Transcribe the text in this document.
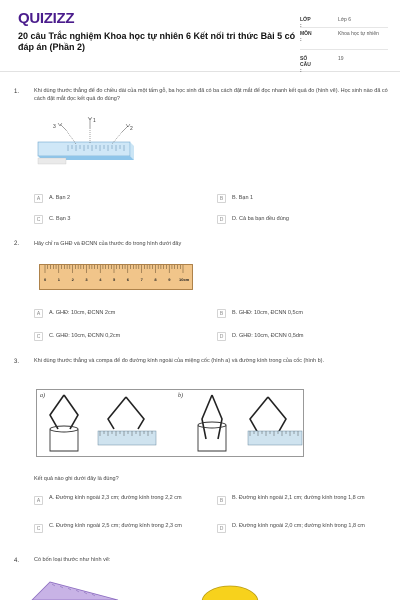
QUIZIZZ
20 câu Trắc nghiệm Khoa học tự nhiên 6 Kết nối tri thức Bài 5 có đáp án (Phần 2)
LỚP :
Lớp 6
MÔN :
Khoa học tự nhiên
SỐ CÂU :
19
1.	Khi dùng thước thẳng để đo chiều dài của một tấm gỗ, ba học sinh đã có ba cách đặt mắt để đọc nhanh kết quả đo (hình vẽ). Học sinh nào đã có cách đặt mắt đọc kết quả đo đúng?
3
1
2
A	A. Bạn 2	B	B. Bạn 1
C	C. Bạn 3	D	D. Cả ba bạn đều đúng
2.	Hãy chỉ ra GHĐ và ĐCNN của thước đo trong hình dưới đây
0	1	2	3	4	5	6	7	8	9 10cm
A	A. GHĐ: 10cm, ĐCNN 2cm	B	B. GHĐ: 10cm, ĐCNN 0,5cm
C	C. GHĐ: 10cm, ĐCNN 0,2cm	D	D. GHĐ: 10cm, ĐCNN 0,5dm
3.	Khi dùng thước thẳng và compa để đo đường kính ngoài của miệng cốc (hình a) và đường kính trong của cốc (hình b).
a)	b)
Kết quả nào ghi dưới đây là đúng?
A	A. Đường kính ngoài 2,3 cm; đường kính trong 2,2 cm	B	B. Đường kính ngoài 2,1 cm; đường kính trong 1,8 cm
C	C. Đường kính ngoài 2,5 cm; đường kính trong 2,3 cm	D	D. Đường kính ngoài 2,0 cm; đường kính trong 1,8 cm
4.	Có bốn loại thước như hình vẽ:
